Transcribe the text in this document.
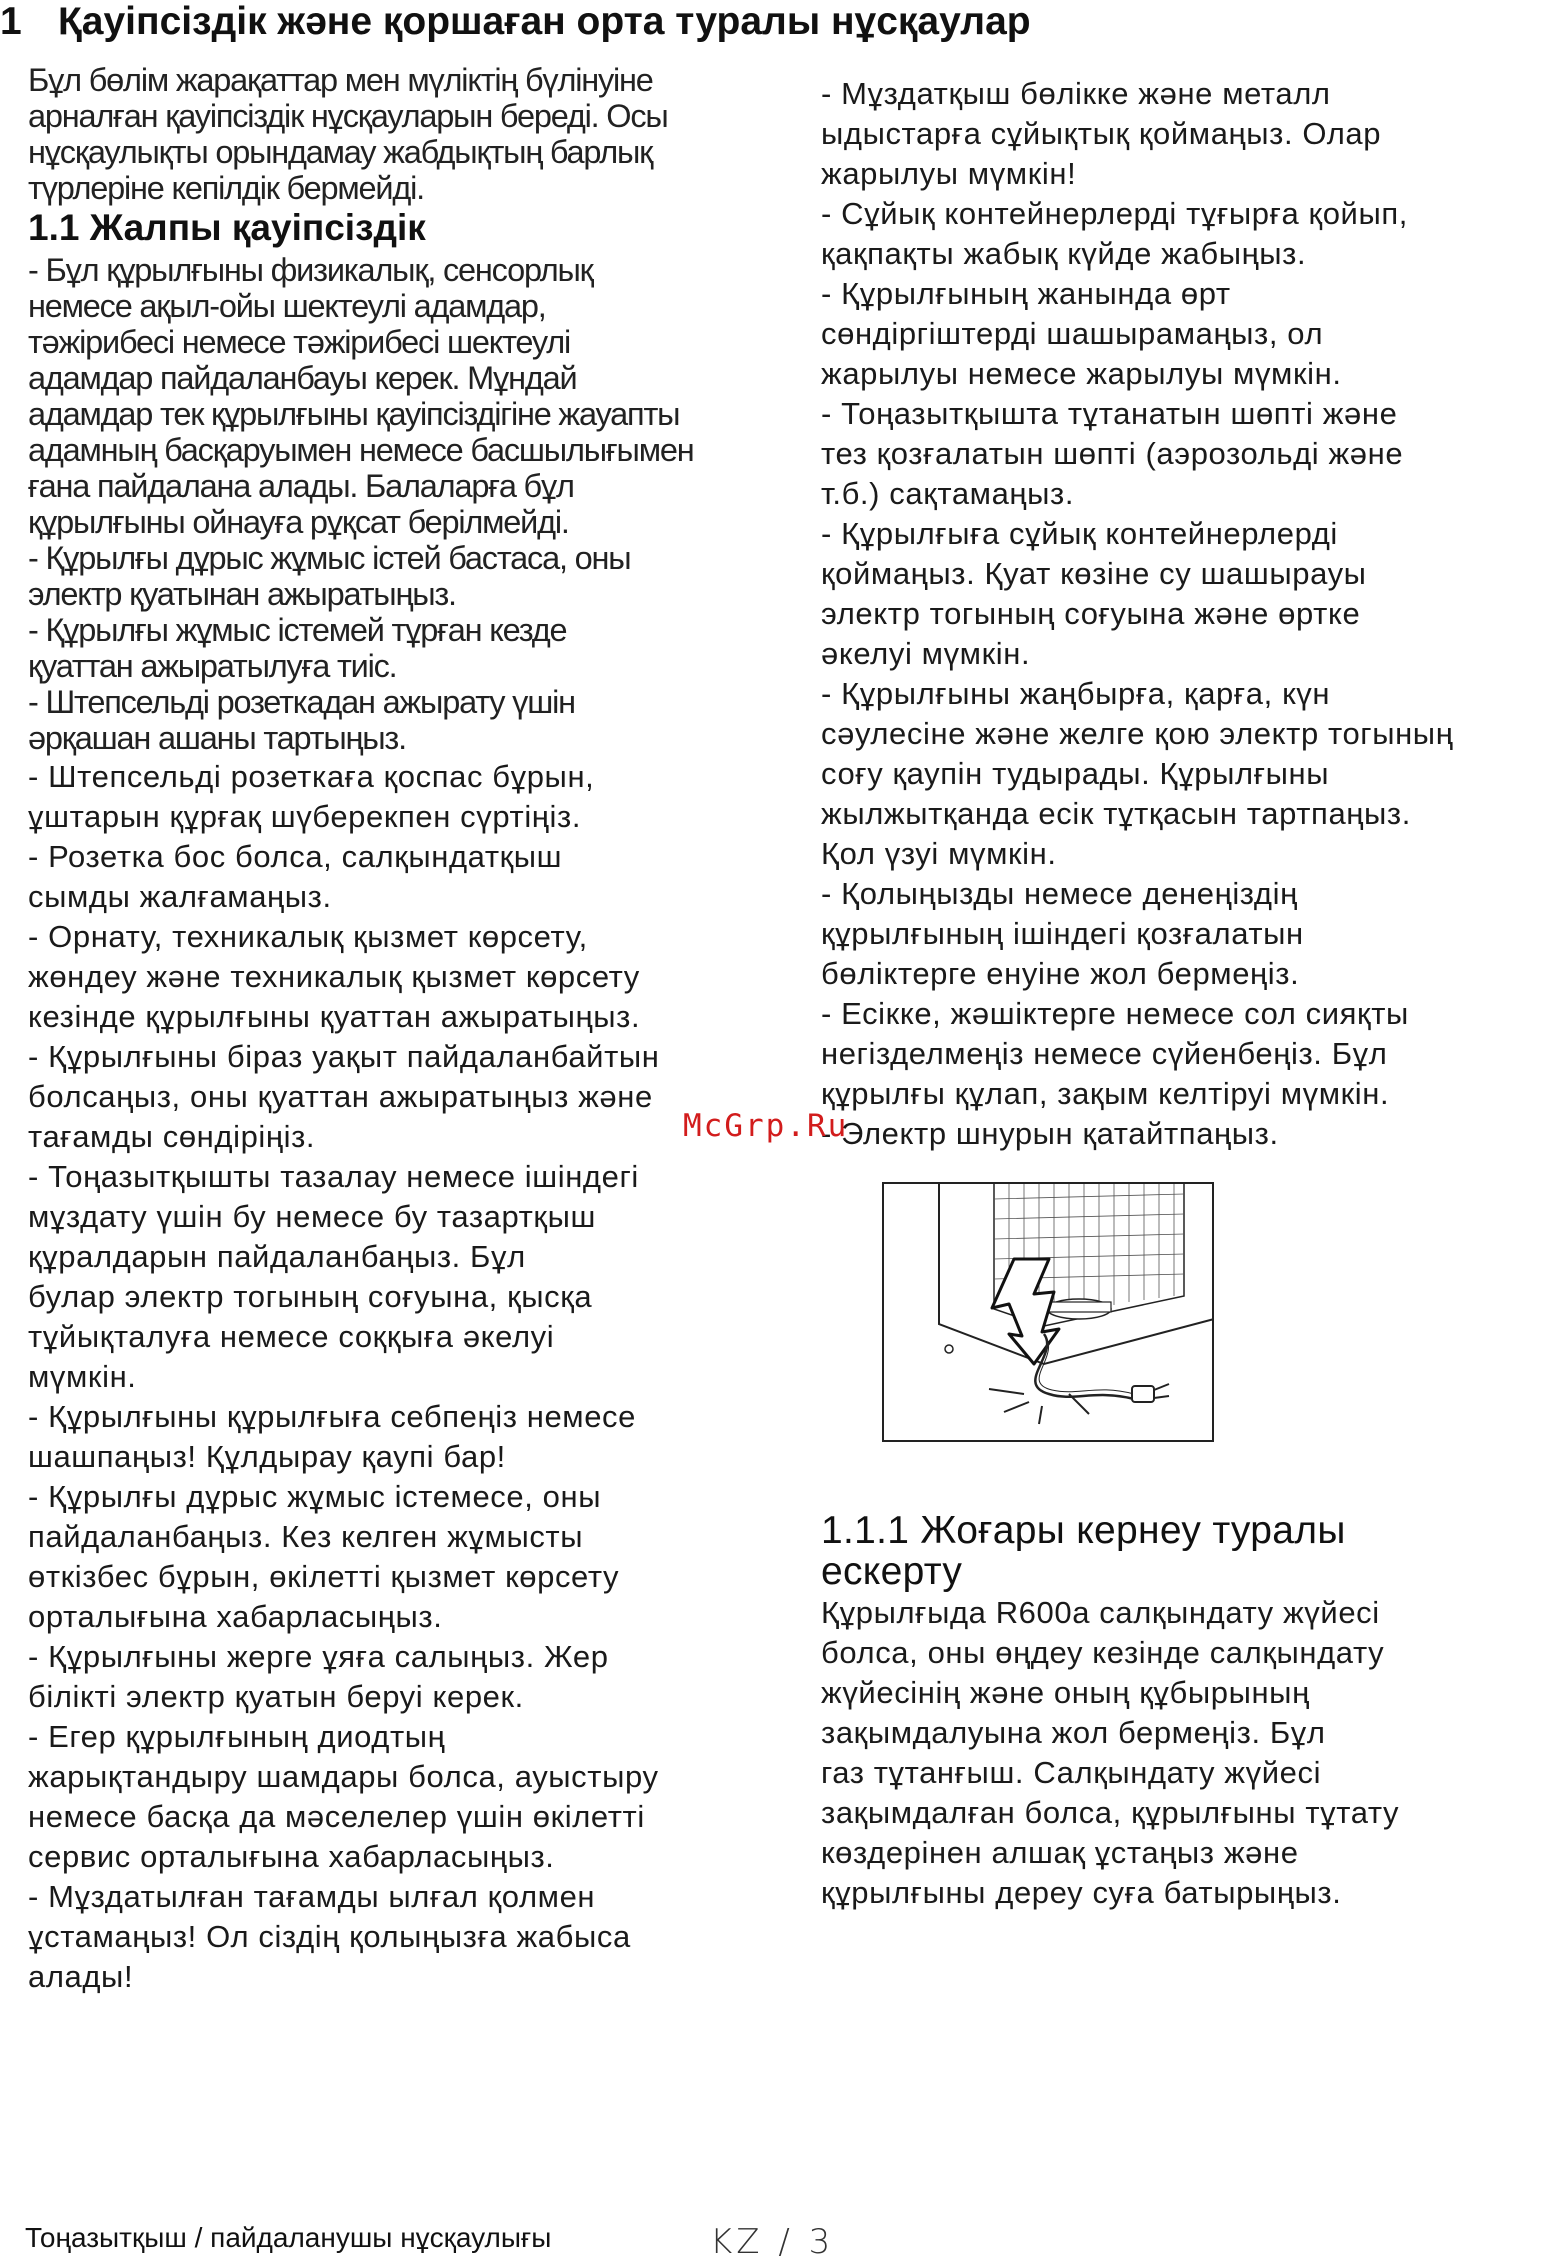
1 Қауіпсіздік және қоршаған орта туралы нұсқаулар

Бұл бөлім жарақаттар мен мүліктің бүлінуіне
арналған қауіпсіздік нұсқауларын береді. Осы
нұсқаулықты орындамау жабдықтың барлық
түрлеріне кепілдік бермейді.

1.1 Жалпы қауіпсіздік

- Бұл құрылғыны физикалық, сенсорлық
немесе ақыл-ойы шектеулі адамдар,
тәжірибесі немесе тәжірибесі шектеулі
адамдар пайдаланбауы керек. Мұндай
адамдар тек құрылғыны қауіпсіздігіне жауапты
адамның басқаруымен немесе басшылығымен
ғана пайдалана алады. Балаларға бұл
құрылғыны ойнауға рұқсат берілмейді.
- Құрылғы дұрыс жұмыс істей бастаса, оны
электр қуатынан ажыратыңыз.
- Құрылғы жұмыс істемей тұрған кезде
қуаттан ажыратылуға тиіс.
- Штепсельді розеткадан ажырату үшін
әрқашан ашаны тартыңыз.

- Штепсельді розеткаға қоспас бұрын,
ұштарын құрғақ шүберекпен сүртіңіз.
- Розетка бос болса, салқындатқыш
сымды жалғамаңыз.
- Орнату, техникалық қызмет көрсету,
жөндеу және техникалық қызмет көрсету
кезінде құрылғыны қуаттан ажыратыңыз.
- Құрылғыны біраз уақыт пайдаланбайтын
болсаңыз, оны қуаттан ажыратыңыз және
тағамды сөндіріңіз.
- Тоңазытқышты тазалау немесе ішіндегі
мұздату үшін бу немесе бу тазартқыш
құралдарын пайдаланбаңыз. Бұл
булар электр тогының соғуына, қысқа
тұйықталуға немесе соққыға әкелуі
мүмкін.
- Құрылғыны құрылғыға себпеңіз немесе
шашпаңыз! Құлдырау қаупі бар!
- Құрылғы дұрыс жұмыс істемесе, оны
пайдаланбаңыз. Кез келген жұмысты
өткізбес бұрын, өкілетті қызмет көрсету
орталығына хабарласыңыз.
- Құрылғыны жерге ұяға салыңыз. Жер
білікті электр қуатын беруі керек.
- Егер құрылғының диодтың
жарықтандыру шамдары болса, ауыстыру
немесе басқа да мәселелер үшін өкілетті
сервис орталығына хабарласыңыз.
- Мұздатылған тағамды ылғал қолмен
ұстамаңыз! Ол сіздің қолыңызға жабыса
алады!

- Мұздатқыш бөлікке және металл
ыдыстарға сұйықтық қоймаңыз. Олар
жарылуы мүмкін!
- Сұйық контейнерлерді тұғырға қойып,
қақпақты жабық күйде жабыңыз.
- Құрылғының жанында өрт
сөндіргіштерді шашырамаңыз, ол
жарылуы немесе жарылуы мүмкін.
- Тоңазытқышта тұтанатын шөпті және
тез қозғалатын шөпті (аэрозольді және
т.б.) сақтамаңыз.
- Құрылғыға сұйық контейнерлерді
қоймаңыз. Қуат көзіне су шашырауы
электр тогының соғуына және өртке
әкелуі мүмкін.
- Құрылғыны жаңбырға, қарға, күн
сәулесіне және желге қою электр тогының
соғу қаупін тудырады. Құрылғыны
жылжытқанда есік тұтқасын тартпаңыз.
Қол үзуі мүмкін.
- Қолыңызды немесе денеңіздің
құрылғының ішіндегі қозғалатын
бөліктерге енуіне жол бермеңіз.
- Есікке, жәшіктерге немесе сол сияқты
негізделмеңіз немесе сүйенбеңіз. Бұл
құрылғы құлап, зақым келтіруі мүмкін.
- Электр шнурын қатайтпаңыз.

1.1.1 Жоғары кернеу туралы
ескерту

Құрылғыда R600a салқындату жүйесі
болса, оны өңдеу кезінде салқындату
жүйесінің және оның құбырының
зақымдалуына жол бермеңіз. Бұл
газ тұтанғыш. Салқындату жүйесі
зақымдалған болса, құрылғыны тұтату
көздерінен алшақ ұстаңыз және
құрылғыны дереу суға батырыңыз.

McGrp.Ru
Тоңазытқыш / пайдаланушы нұсқаулығы	KZ / 3
